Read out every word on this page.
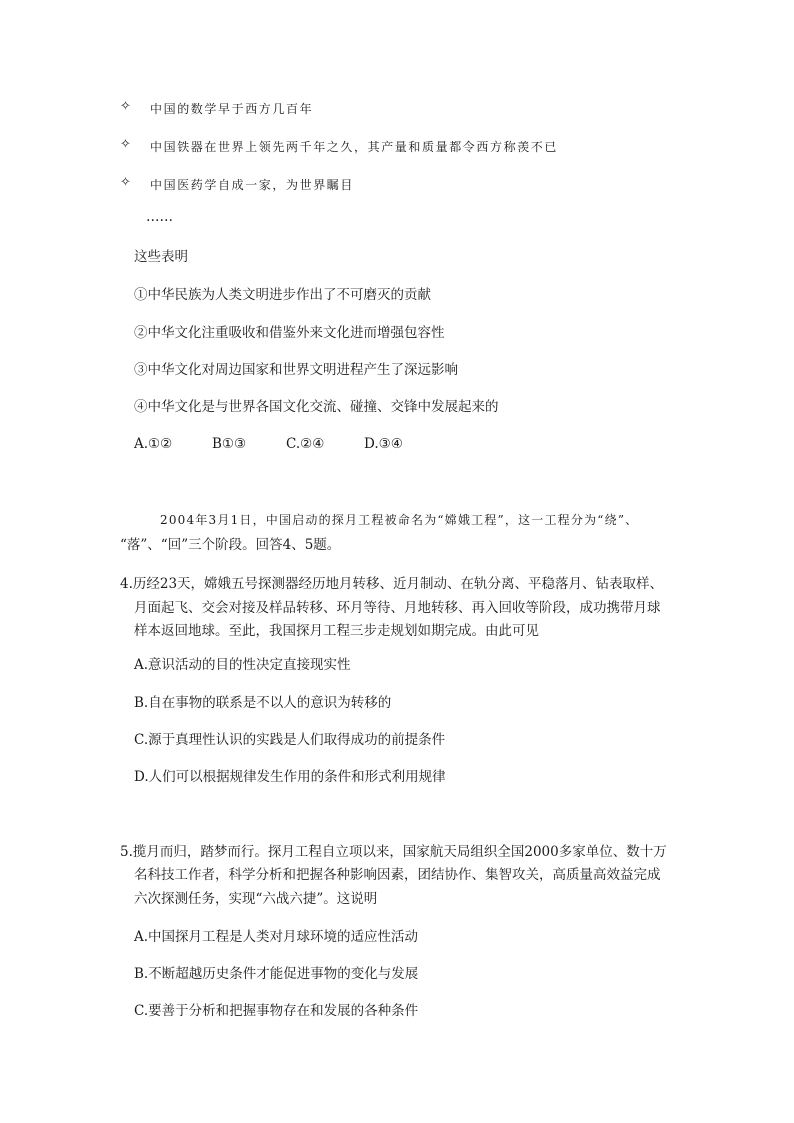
✧ 中国的数学早于西方几百年
✧ 中国铁器在世界上领先两千年之久，其产量和质量都令西方称羡不已
✧ 中国医药学自成一家，为世界瞩目
……
这些表明
①中华民族为人类文明进步作出了不可磨灭的贡献
②中华文化注重吸收和借鉴外来文化进而增强包容性
③中华文化对周边国家和世界文明进程产生了深远影响
④中华文化是与世界各国文化交流、碰撞、交锋中发展起来的
A.①②	B①③	C.②④	D.③④
2004年3月1日，中国启动的探月工程被命名为“嫦娥工程”，这一工程分为“绕”、
“落”、“回”三个阶段。回答4、5题。
4.历经23天，嫦娥五号探测器经历地月转移、近月制动、在轨分离、平稳落月、钻表取样、
月面起飞、交会对接及样品转移、环月等待、月地转移、再入回收等阶段，成功携带月球
样本返回地球。至此，我国探月工程三步走规划如期完成。由此可见
A.意识活动的目的性决定直接现实性
B.自在事物的联系是不以人的意识为转移的
C.源于真理性认识的实践是人们取得成功的前提条件
D.人们可以根据规律发生作用的条件和形式利用规律
5.揽月而归，踏梦而行。探月工程自立项以来，国家航天局组织全国2000多家单位、数十万
名科技工作者，科学分析和把握各种影响因素，团结协作、集智攻关，高质量高效益完成
六次探测任务，实现“六战六捷”。这说明
A.中国探月工程是人类对月球环境的适应性活动
B.不断超越历史条件才能促进事物的变化与发展
C.要善于分析和把握事物存在和发展的各种条件
